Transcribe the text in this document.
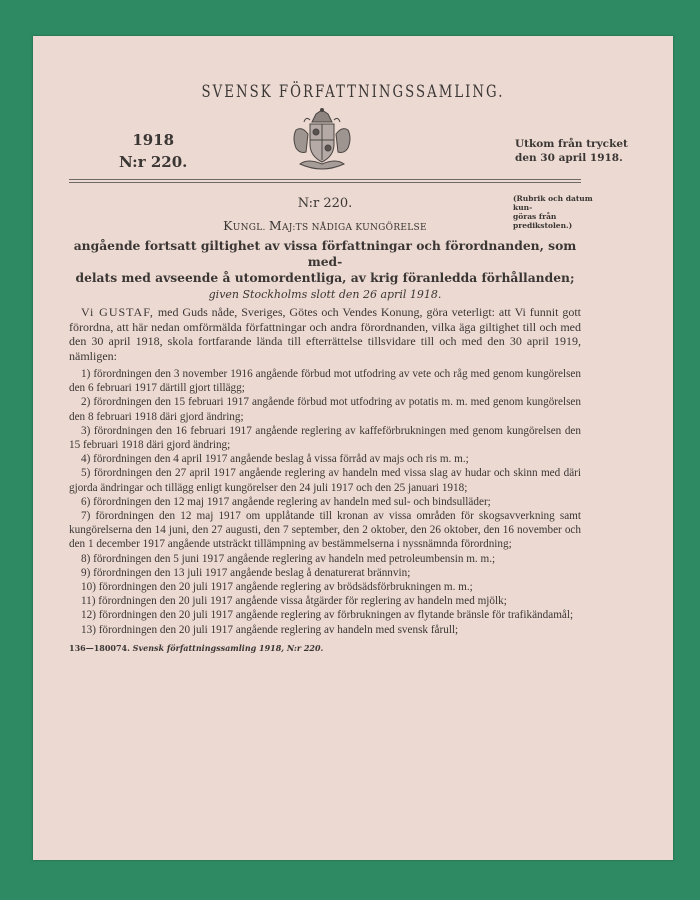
SVENSK FÖRFATTNINGSSAMLING.
1918
N:r 220.
Utkom från trycket
den 30 april 1918.
N:r 220.	(Rubrik och datum kun-
göras från predikstolen.)
KUNGL. MAJ:TS NÅDIGA KUNGÖRELSE
angående fortsatt giltighet av vissa författningar och förordnanden, som med-
delats med avseende å utomordentliga, av krig föranledda förhållanden;
given Stockholms slott den 26 april 1918.

Vi GUSTAF, med Guds nåde, Sveriges, Götes och Vendes Konung, göra veterligt: att Vi funnit gott förordna, att här nedan omförmälda författningar och andra förordnanden, vilka äga giltighet till och med den 30 april 1918, skola fortfarande lända till efterrättelse tillsvidare till och med den 30 april 1919, nämligen:

1) förordningen den 3 november 1916 angående förbud mot utfodring av vete och råg med genom kungörelsen den 6 februari 1917 därtill gjort tillägg;

2) förordningen den 15 februari 1917 angående förbud mot utfodring av potatis m. m. med genom kungörelsen den 8 februari 1918 däri gjord ändring;

3) förordningen den 16 februari 1917 angående reglering av kaffeförbrukningen med genom kungörelsen den 15 februari 1918 däri gjord ändring;

4) förordningen den 4 april 1917 angående beslag å vissa förråd av majs och ris m. m.;

5) förordningen den 27 april 1917 angående reglering av handeln med vissa slag av hudar och skinn med däri gjorda ändringar och tillägg enligt kungörelser den 24 juli 1917 och den 25 januari 1918;

6) förordningen den 12 maj 1917 angående reglering av handeln med sul- och bindsulläder;

7) förordningen den 12 maj 1917 om upplåtande till kronan av vissa områden för skogsavverkning samt kungörelserna den 14 juni, den 27 augusti, den 7 september, den 2 oktober, den 26 oktober, den 16 november och den 1 december 1917 angående utsträckt tillämpning av bestämmelserna i nyssnämnda förordning;

8) förordningen den 5 juni 1917 angående reglering av handeln med petroleumbensin m. m.;

9) förordningen den 13 juli 1917 angående beslag å denaturerat brännvin;

10) förordningen den 20 juli 1917 angående reglering av brödsädsförbrukningen m. m.;

11) förordningen den 20 juli 1917 angående vissa åtgärder för reglering av handeln med mjölk;

12) förordningen den 20 juli 1917 angående reglering av förbrukningen av flytande bränsle för trafikändamål;

13) förordningen den 20 juli 1917 angående reglering av handeln med svensk fårull;

136—180074. Svensk författningssamling 1918, N:r 220.
